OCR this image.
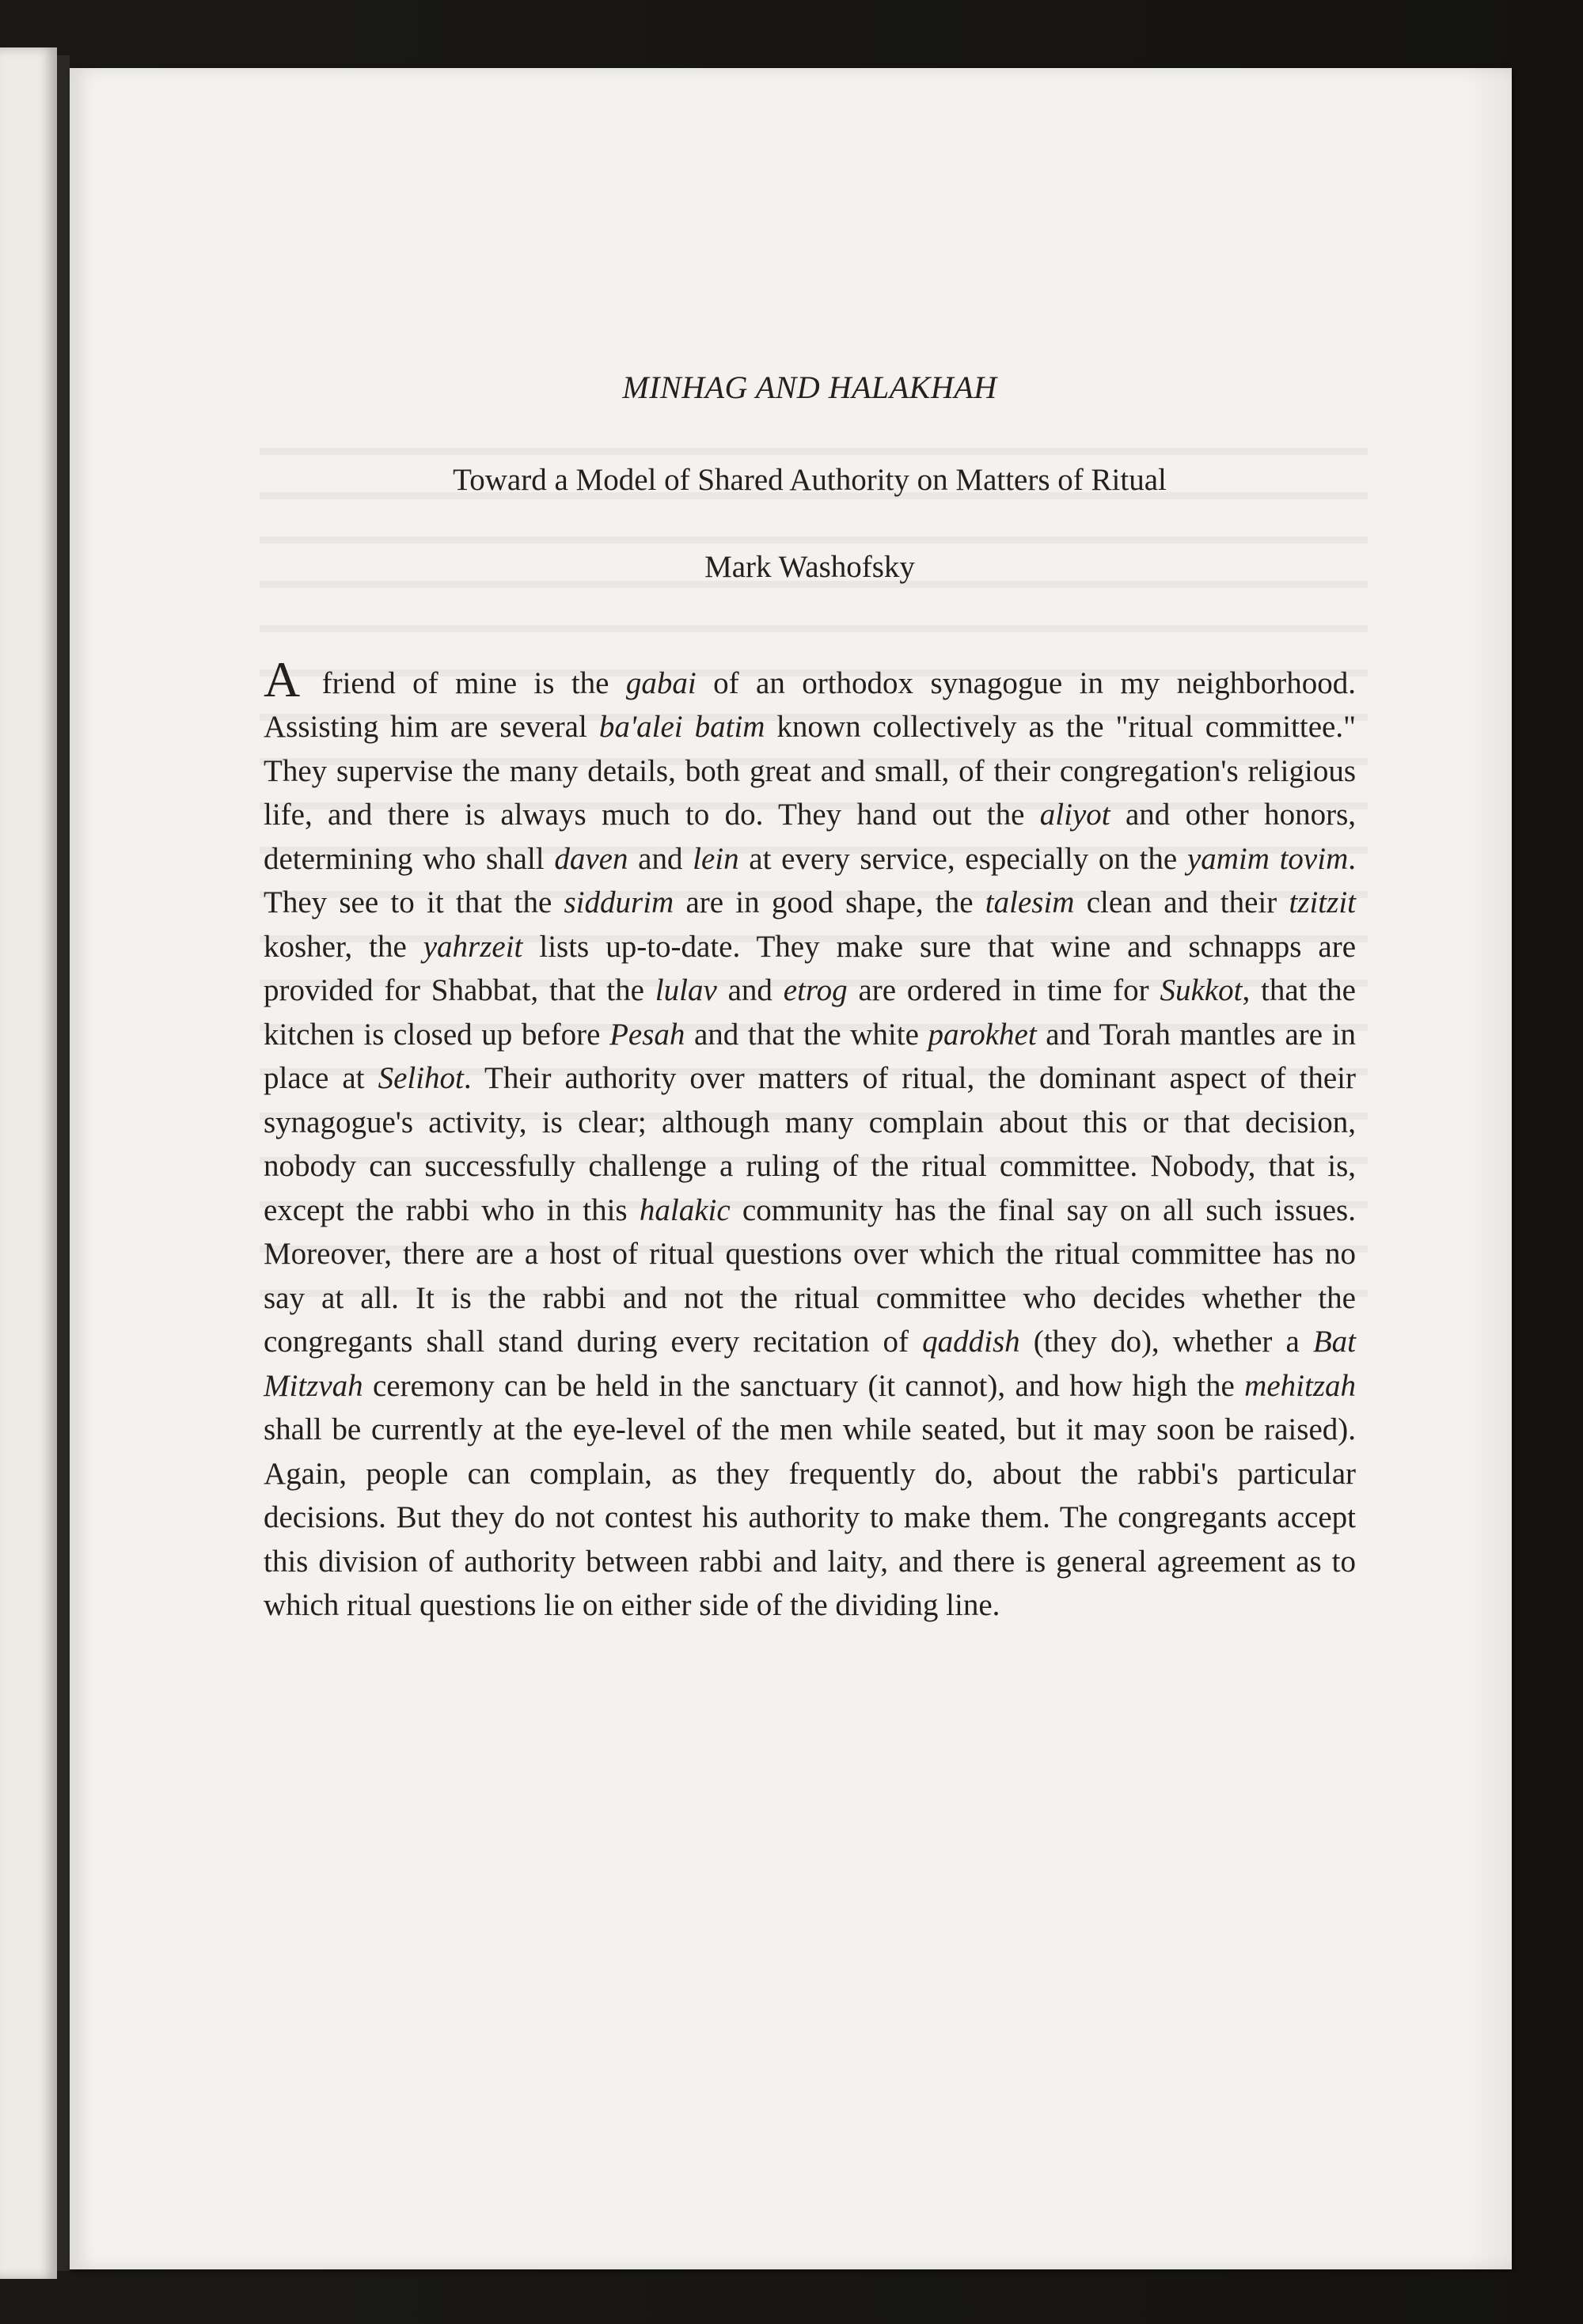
MINHAG AND HALAKHAH
Toward a Model of Shared Authority on Matters of Ritual
Mark Washofsky

A friend of mine is the gabai of an orthodox synagogue in my neighborhood. Assisting him are several ba'alei batim known collectively as the "ritual committee." They supervise the many details, both great and small, of their congregation's religious life, and there is always much to do. They hand out the aliyot and other honors, determining who shall daven and lein at every service, especially on the yamim tovim. They see to it that the siddurim are in good shape, the talesim clean and their tzitzit kosher, the yahrzeit lists up-to-date. They make sure that wine and schnapps are provided for Shabbat, that the lulav and etrog are ordered in time for Sukkot, that the kitchen is closed up before Pesah and that the white parokhet and Torah mantles are in place at Selihot. Their authority over matters of ritual, the dominant aspect of their synagogue's activity, is clear; although many complain about this or that decision, nobody can successfully challenge a ruling of the ritual committee. Nobody, that is, except the rabbi who in this halakic community has the final say on all such issues. Moreover, there are a host of ritual questions over which the ritual committee has no say at all. It is the rabbi and not the ritual committee who decides whether the congregants shall stand during every recitation of qaddish (they do), whether a Bat Mitzvah ceremony can be held in the sanctuary (it cannot), and how high the mehitzah shall be currently at the eye-level of the men while seated, but it may soon be raised). Again, people can complain, as they frequently do, about the rabbi's particular decisions. But they do not contest his authority to make them. The congregants accept this division of authority between rabbi and laity, and there is general agreement as to which ritual questions lie on either side of the dividing line.
